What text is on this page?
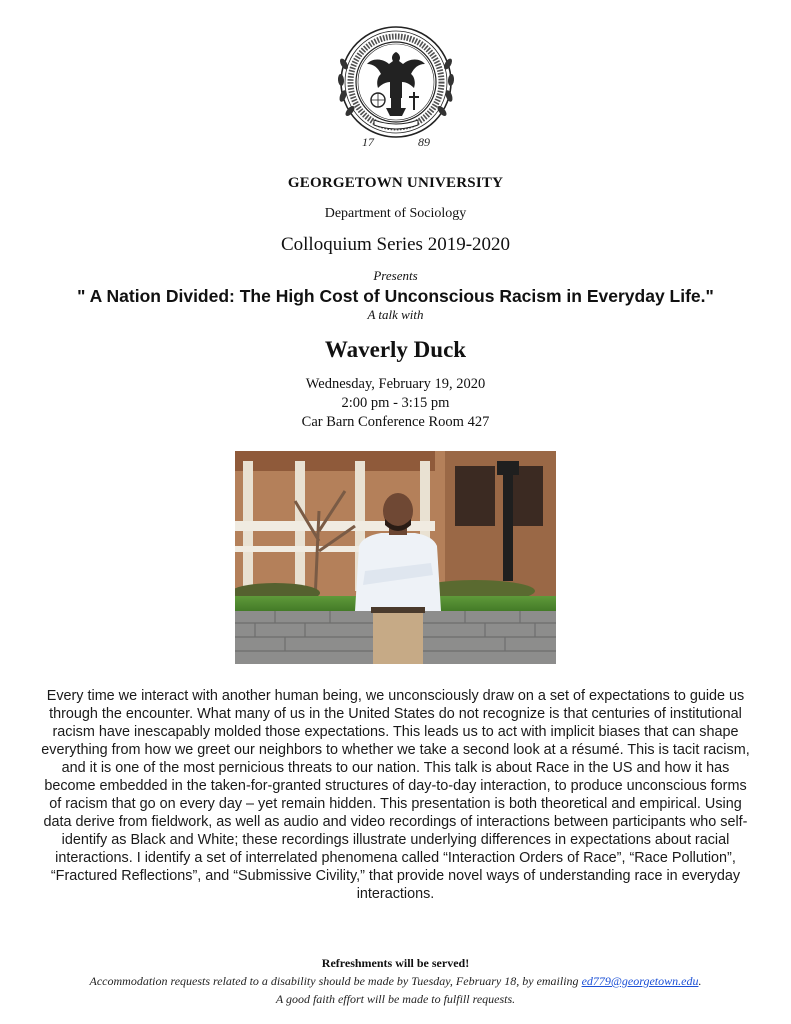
17	89
GEORGETOWN UNIVERSITY
Department of Sociology
Colloquium Series 2019-2020
Presents
" A Nation Divided: The High Cost of Unconscious Racism in Everyday Life."
A talk with
Waverly Duck
Wednesday, February 19, 2020
2:00 pm - 3:15 pm
Car Barn Conference Room 427
Every time we interact with another human being, we unconsciously draw on a set of expectations to guide us through the encounter. What many of us in the United States do not recognize is that centuries of institutional racism have inescapably molded those expectations. This leads us to act with implicit biases that can shape everything from how we greet our neighbors to whether we take a second look at a résumé. This is tacit racism, and it is one of the most pernicious threats to our nation. This talk is about Race in the US and how it has become embedded in the taken-for-granted structures of day-to-day interaction, to produce unconscious forms of racism that go on every day – yet remain hidden. This presentation is both theoretical and empirical. Using data derive from fieldwork, as well as audio and video recordings of interactions between participants who self-identify as Black and White; these recordings illustrate underlying differences in expectations about racial interactions. I identify a set of interrelated phenomena called “Interaction Orders of Race”, “Race Pollution”, “Fractured Reflections”, and “Submissive Civility,” that provide novel ways of understanding race in everyday interactions.
Refreshments will be served!
Accommodation requests related to a disability should be made by Tuesday, February 18, by emailing ed779@georgetown.edu.
A good faith effort will be made to fulfill requests.
